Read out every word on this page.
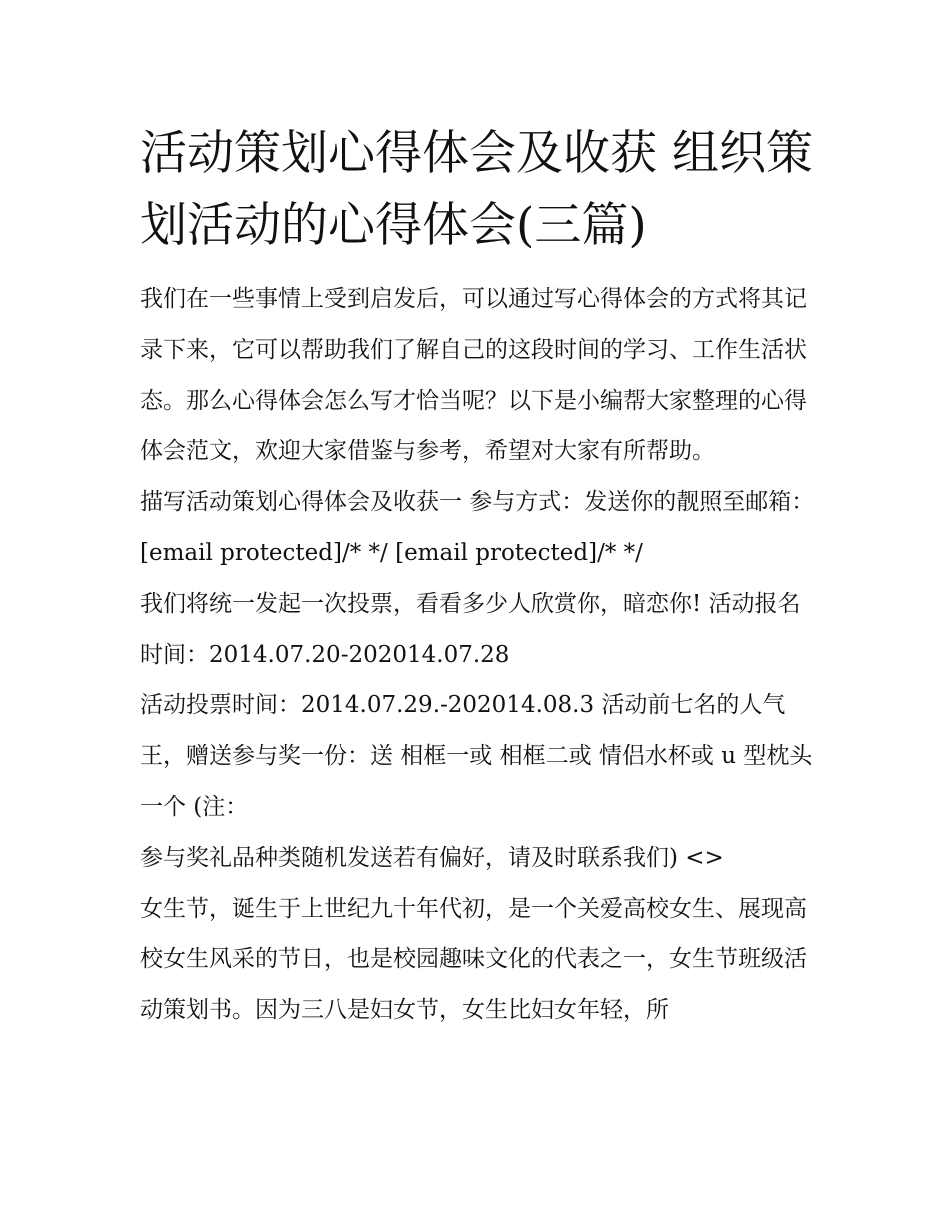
活动策划心得体会及收获 组织策划活动的心得体会(三篇)

我们在一些事情上受到启发后，可以通过写心得体会的方式将其记录下来，它可以帮助我们了解自己的这段时间的学习、工作生活状态。那么心得体会怎么写才恰当呢？以下是小编帮大家整理的心得体会范文，欢迎大家借鉴与参考，希望对大家有所帮助。

描写活动策划心得体会及收获一 参与方式：发送你的靓照至邮箱：[email protected]/* */ [email protected]/* */

我们将统一发起一次投票，看看多少人欣赏你，暗恋你! 活动报名时间：2014.07.20-202014.07.28

活动投票时间：2014.07.29.-202014.08.3 活动前七名的人气王，赠送参与奖一份：送 相框一或 相框二或 情侣水杯或 u 型枕头一个 (注：

参与奖礼品种类随机发送若有偏好，请及时联系我们) <>

女生节，诞生于上世纪九十年代初，是一个关爱高校女生、展现高校女生风采的节日，也是校园趣味文化的代表之一，女生节班级活动策划书。因为三八是妇女节，女生比妇女年轻，所
